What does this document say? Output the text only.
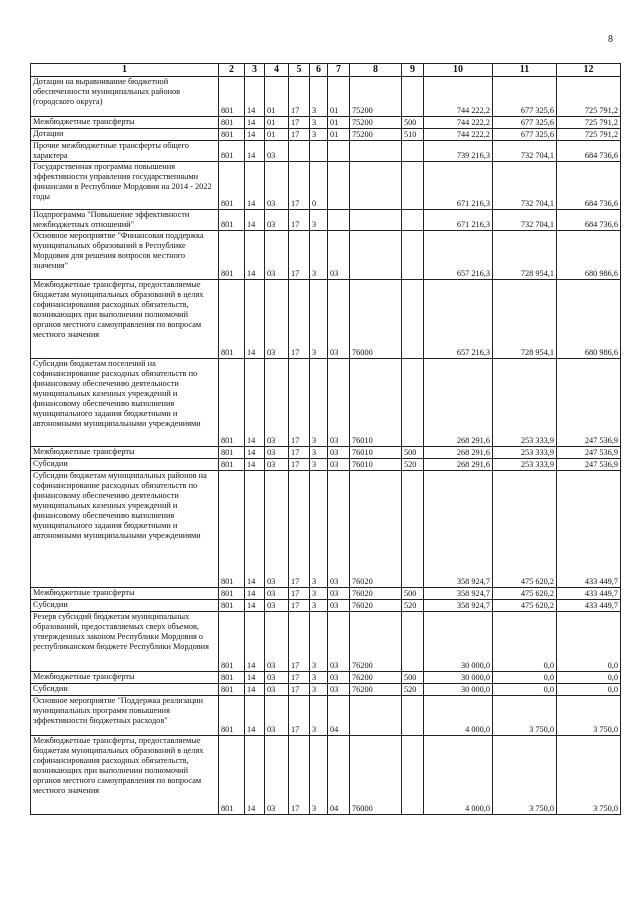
8
1	2	3	4	5	6	7	8	9	10	11	12
Дотации на выравнивание бюджетной обеспеченности муниципальных районов (городского округа)	801	14	01	17	3	01	75200		744 222,2	677 325,6	725 791,2
Межбюджетные трансферты	801	14	01	17	3	01	75200	500	744 222,2	677 325,6	725 791,2
Дотации	801	14	01	17	3	01	75200	510	744 222,2	677 325,6	725 791,2
Прочие межбюджетные трансферты общего характера	801	14	03						739 216,3	732 704,1	684 736,6
Государственная программа повышения эффективности управления государственными финансами в Республике Мордовия на 2014 - 2022 годы	801	14	03	17	0				671 216,3	732 704,1	684 736,6
Подпрограмма "Повышение эффективности межбюджетных отношений"	801	14	03	17	3				671 216,3	732 704,1	684 736,6
Основное мероприятие "Финансовая поддержка муниципальных образований в Республике Мордовия для решения вопросов местного значения"	801	14	03	17	3	03			657 216,3	728 954,1	680 986,6
Межбюджетные трансферты, предоставляемые бюджетам муниципальных образований в целях софинансирования расходных обязательств, возникающих при выполнении полномочий органов местного самоуправления по вопросам местного значения	801	14	03	17	3	03	76000		657 216,3	728 954,1	680 986,6
Субсидии бюджетам поселений на софинансирование расходных обязательств по финансовому обеспечению деятельности муниципальных казенных учреждений и финансовому обеспечению выполнения муниципального задания бюджетными и автономными муниципальными учреждениями	801	14	03	17	3	03	76010		268 291,6	253 333,9	247 536,9
Межбюджетные трансферты	801	14	03	17	3	03	76010	500	268 291,6	253 333,9	247 536,9
Субсидии	801	14	03	17	3	03	76010	520	268 291,6	253 333,9	247 536,9
Субсидии бюджетам муниципальных районов на софинансирование расходных обязательств по финансовому обеспечению деятельности муниципальных казенных учреждений и финансовому обеспечению выполнения муниципального задания бюджетными и автономными муниципальными учреждениями	801	14	03	17	3	03	76020		358 924,7	475 620,2	433 449,7
Межбюджетные трансферты	801	14	03	17	3	03	76020	500	358 924,7	475 620,2	433 449,7
Субсидии	801	14	03	17	3	03	76020	520	358 924,7	475 620,2	433 449,7
Резерв субсидий бюджетам муниципальных образований, предоставляемых сверх объемов, утвержденных законом Республики Мордовия о республиканском бюджете Республики Мордовия	801	14	03	17	3	03	76200		30 000,0	0,0	0,0
Межбюджетные трансферты	801	14	03	17	3	03	76200	500	30 000,0	0,0	0,0
Субсидии	801	14	03	17	3	03	76200	520	30 000,0	0,0	0,0
Основное мероприятие "Поддержка реализации муниципальных программ повышения эффективности бюджетных расходов"	801	14	03	17	3	04			4 000,0	3 750,0	3 750,0
Межбюджетные трансферты, предоставляемые бюджетам муниципальных образований в целях софинансирования расходных обязательств, возникающих при выполнении полномочий органов местного самоуправления по вопросам местного значения	801	14	03	17	3	04	76000		4 000,0	3 750,0	3 750,0
